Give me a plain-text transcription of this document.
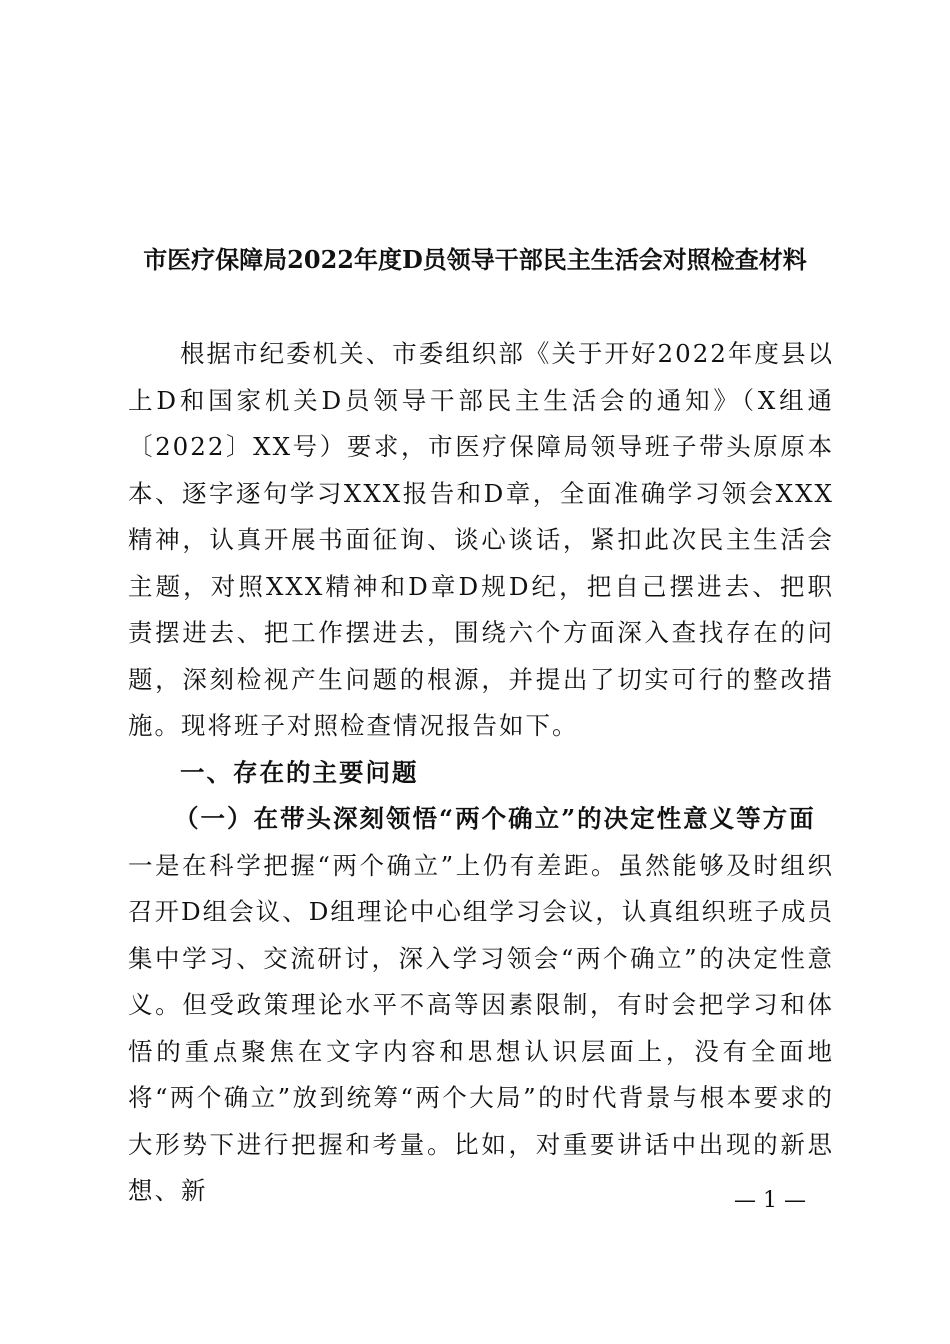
市医疗保障局2022年度D员领导干部民主生活会对照检查材料

根据市纪委机关、市委组织部《关于开好2022年度县以上D和国家机关D员领导干部民主生活会的通知》（X组通〔2022〕XX号）要求，市医疗保障局领导班子带头原原本本、逐字逐句学习XXX报告和D章，全面准确学习领会XXX精神，认真开展书面征询、谈心谈话，紧扣此次民主生活会主题，对照XXX精神和D章D规D纪，把自己摆进去、把职责摆进去、把工作摆进去，围绕六个方面深入查找存在的问题，深刻检视产生问题的根源，并提出了切实可行的整改措施。现将班子对照检查情况报告如下。

一、存在的主要问题

（一）在带头深刻领悟“两个确立”的决定性意义等方面

一是在科学把握“两个确立”上仍有差距。虽然能够及时组织召开D组会议、D组理论中心组学习会议，认真组织班子成员集中学习、交流研讨，深入学习领会“两个确立”的决定性意义。但受政策理论水平不高等因素限制，有时会把学习和体悟的重点聚焦在文字内容和思想认识层面上，没有全面地将“两个确立”放到统筹“两个大局”的时代背景与根本要求的大形势下进行把握和考量。比如，对重要讲话中出现的新思想、新	— 1 —
